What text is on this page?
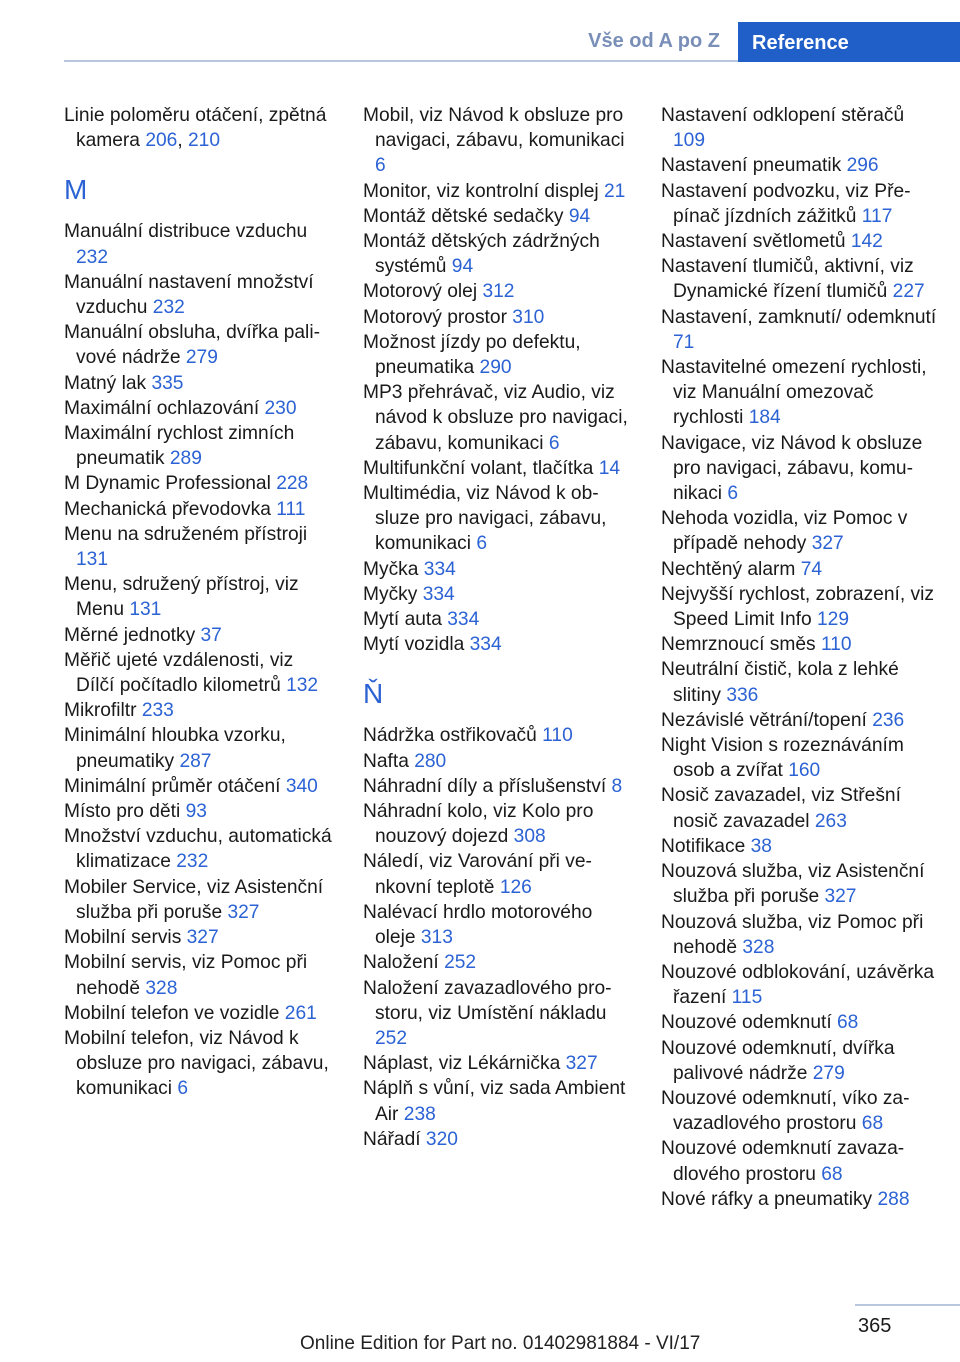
Vše od A po Z	Reference
Linie poloměru otáčení, zpětná kamera 206, 210
M
Manuální distribuce vzduchu 232
Manuální nastavení množství vzduchu 232
Manuální obsluha, dvířka palivové nádrže 279
Matný lak 335
Maximální ochlazování 230
Maximální rychlost zimních pneumatik 289
M Dynamic Professional 228
Mechanická převodovka 111
Menu na sdruženém přístroji 131
Menu, sdružený přístroj, viz Menu 131
Měrné jednotky 37
Měřič ujeté vzdálenosti, viz Dílčí počítadlo kilometrů 132
Mikrofiltr 233
Minimální hloubka vzorku, pneumatiky 287
Minimální průměr otáčení 340
Místo pro děti 93
Množství vzduchu, automatická klimatizace 232
Mobiler Service, viz Asistenční služba při poruše 327
Mobilní servis 327
Mobilní servis, viz Pomoc při nehodě 328
Mobilní telefon ve vozidle 261
Mobilní telefon, viz Návod k obsluze pro navigaci, zábavu, komunikaci 6
Mobil, viz Návod k obsluze pro navigaci, zábavu, komunikaci 6
Monitor, viz kontrolní displej 21
Montáž dětské sedačky 94
Montáž dětských zádržných systémů 94
Motorový olej 312
Motorový prostor 310
Možnost jízdy po defektu, pneumatika 290
MP3 přehrávač, viz Audio, viz návod k obsluze pro navigaci, zábavu, komunikaci 6
Multifunkční volant, tlačítka 14
Multimédia, viz Návod k obsluze pro navigaci, zábavu, komunikaci 6
Myčka 334
Myčky 334
Mytí auta 334
Mytí vozidla 334
Ň
Nádržka ostřikovačů 110
Nafta 280
Náhradní díly a příslušenství 8
Náhradní kolo, viz Kolo pro nouzový dojezd 308
Náledí, viz Varování při venkovní teplotě 126
Nalévací hrdlo motorového oleje 313
Naložení 252
Naložení zavazadlového prostoru, viz Umístění nákladu 252
Náplast, viz Lékárnička 327
Náplň s vůní, viz sada Ambient Air 238
Nářadí 320
Nastavení odklopení stěračů 109
Nastavení pneumatik 296
Nastavení podvozku, viz Přepínač jízdních zážitků 117
Nastavení světlometů 142
Nastavení tlumičů, aktivní, viz Dynamické řízení tlumičů 227
Nastavení, zamknutí/ odemknutí 71
Nastavitelné omezení rychlosti, viz Manuální omezovač rychlosti 184
Navigace, viz Návod k obsluze pro navigaci, zábavu, komunikaci 6
Nehoda vozidla, viz Pomoc v případě nehody 327
Nechtěný alarm 74
Nejvyšší rychlost, zobrazení, viz Speed Limit Info 129
Nemrznoucí směs 110
Neutrální čistič, kola z lehké slitiny 336
Nezávislé větrání/topení 236
Night Vision s rozeznáváním osob a zvířat 160
Nosič zavazadel, viz Střešní nosič zavazadel 263
Notifikace 38
Nouzová služba, viz Asistenční služba při poruše 327
Nouzová služba, viz Pomoc při nehodě 328
Nouzové odblokování, uzávěrka řazení 115
Nouzové odemknutí 68
Nouzové odemknutí, dvířka palivové nádrže 279
Nouzové odemknutí, víko zavazadlového prostoru 68
Nouzové odemknutí zavazadlového prostoru 68
Nové ráfky a pneumatiky 288
365
Online Edition for Part no. 01402981884 - VI/17
